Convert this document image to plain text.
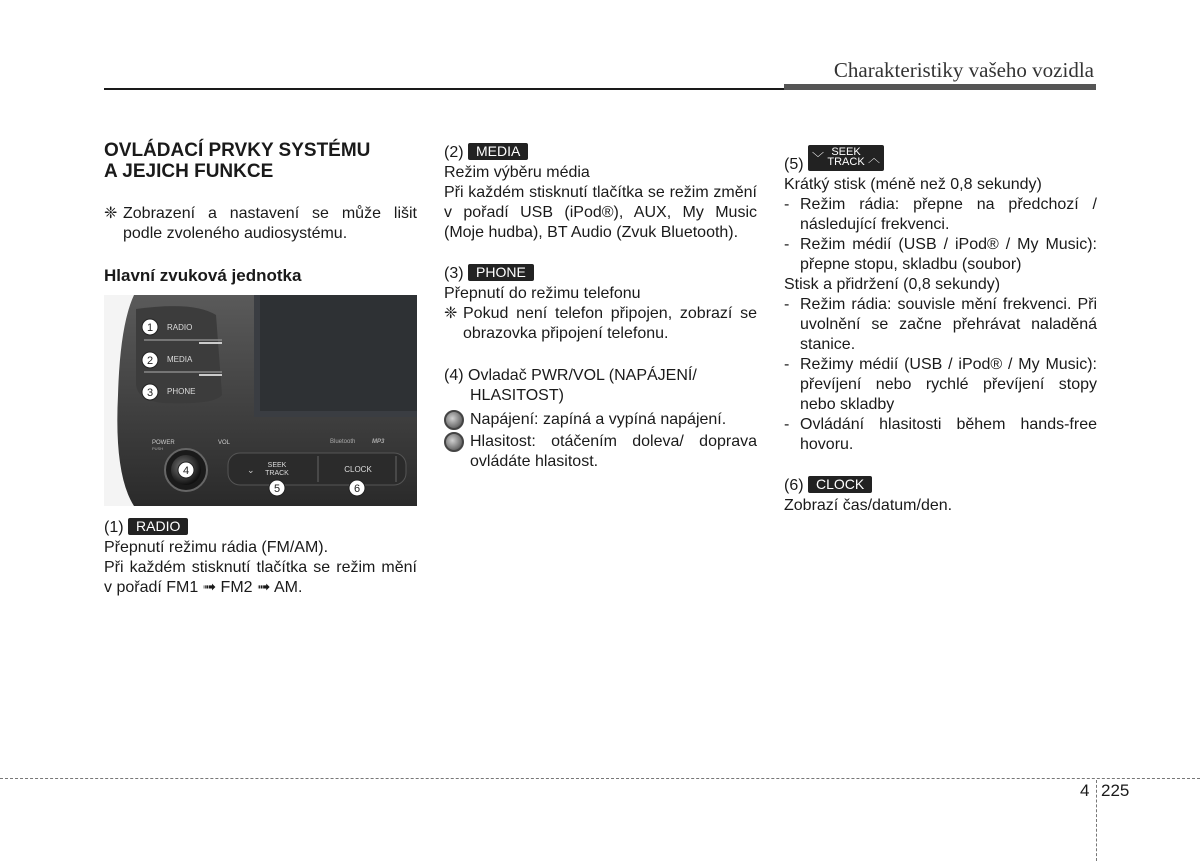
Charakteristiky vašeho vozidla
OVLÁDACÍ PRVKY SYSTÉMU
A JEJICH FUNKCE
❈ Zobrazení a nastavení se může lišit podle zvoleného audiosystému.
Hlavní zvuková jednotka
1 RADIO
2 MEDIA
3 PHONE
POWER
PUSH
VOL	Bluetooth	MP3
4	⌄ SEEK
TRACK	CLOCK
5	6
(1) RADIO
Přepnutí režimu rádia (FM/AM).
Při každém stisknutí tlačítka se režim mění v pořadí FM1 ➟ FM2 ➟ AM.
(2) MEDIA
Režim výběru média
Při každém stisknutí tlačítka se režim změní v pořadí USB (iPod®), AUX, My Music (Moje hudba), BT Audio (Zvuk Bluetooth).
(3) PHONE
Přepnutí do režimu telefonu
❈ Pokud není telefon připojen, zobrazí se obrazovka připojení telefonu.
(4) Ovladač PWR/VOL (NAPÁJENÍ/
HLASITOST)
Napájení: zapíná a vypíná napájení.
Hlasitost: otáčením doleva/ doprava ovládáte hlasitost.
(5) ﹀ SEEK
TRACK ︿
Krátký stisk (méně než 0,8 sekundy)
- Režim rádia: přepne na předchozí / následující frekvenci.
- Režim médií (USB / iPod® / My Music): přepne stopu, skladbu (soubor)
Stisk a přidržení (0,8 sekundy)
- Režim rádia: souvisle mění frekvenci. Při uvolnění se začne přehrávat naladěná stanice.
- Režimy médií (USB / iPod® / My Music): převíjení nebo rychlé převíjení stopy nebo skladby
- Ovládání hlasitosti během hands-free hovoru.
(6) CLOCK
Zobrazí čas/datum/den.
4 225
